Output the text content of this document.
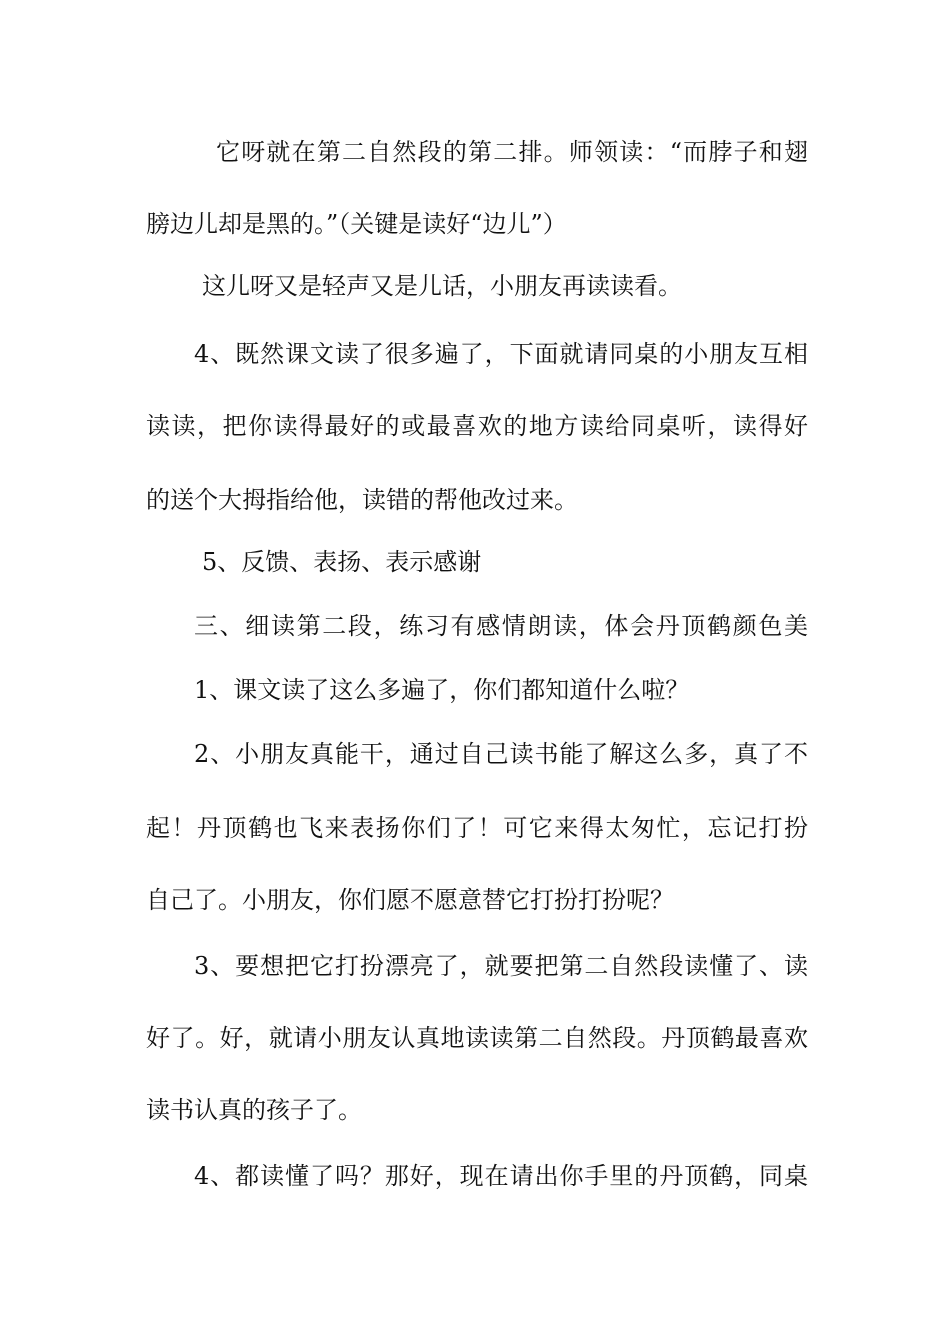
它呀就在第二自然段的第二排。师领读：“而脖子和翅
膀边儿却是黑的。”（关键是读好“边儿”）
这儿呀又是轻声又是儿话，小朋友再读读看。
4、既然课文读了很多遍了，下面就请同桌的小朋友互相
读读，把你读得最好的或最喜欢的地方读给同桌听，读得好
的送个大拇指给他，读错的帮他改过来。
5、反馈、表扬、表示感谢
三、细读第二段，练习有感情朗读，体会丹顶鹤颜色美
1、课文读了这么多遍了，你们都知道什么啦？
2、小朋友真能干，通过自己读书能了解这么多，真了不
起！丹顶鹤也飞来表扬你们了！可它来得太匆忙，忘记打扮
自己了。小朋友，你们愿不愿意替它打扮打扮呢？
3、要想把它打扮漂亮了，就要把第二自然段读懂了、读
好了。好，就请小朋友认真地读读第二自然段。丹顶鹤最喜欢
读书认真的孩子了。
4、都读懂了吗？那好，现在请出你手里的丹顶鹤，同桌
